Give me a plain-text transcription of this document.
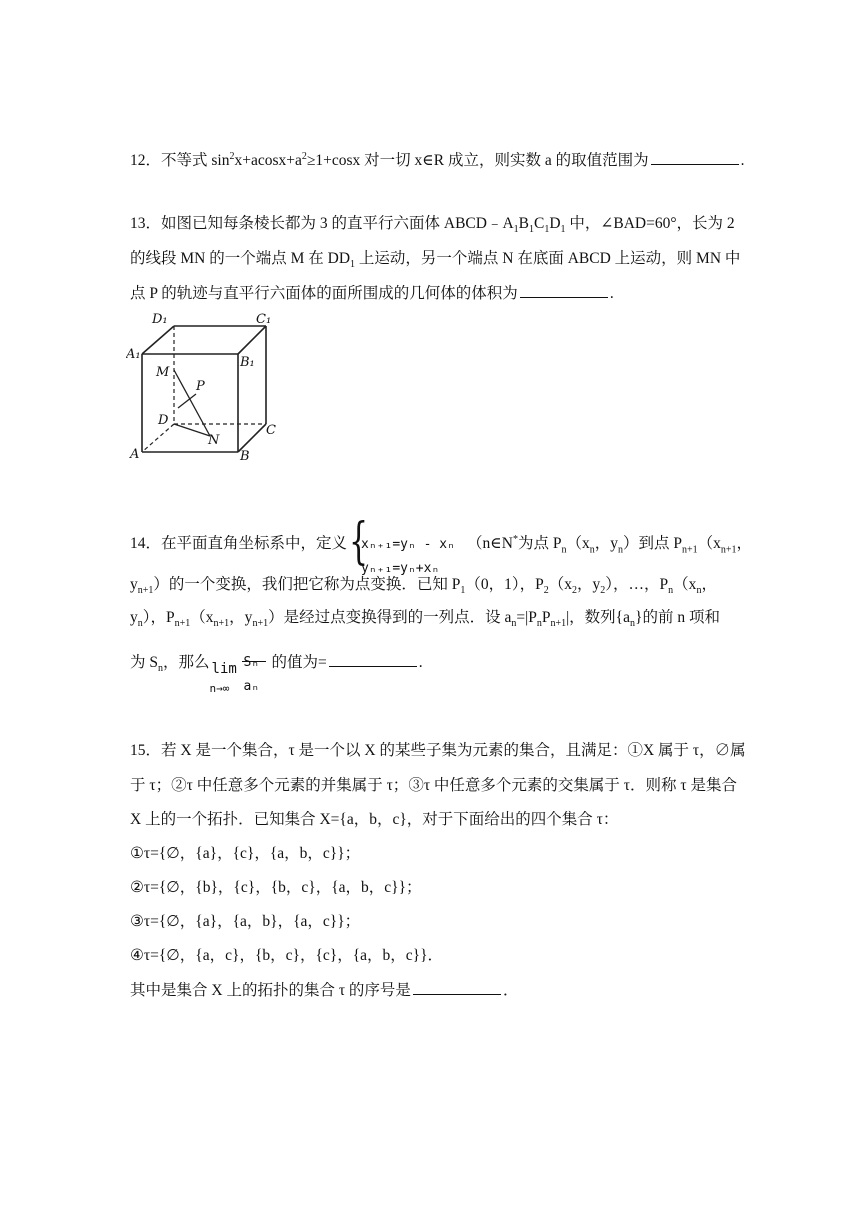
12．不等式 $\sin^2x+acosx+a^2\ge 1+\cos x$ 对一切 x∈R 成立，则实数 a 的取值范围为	.
13．如图已知每条棱长都为 3 的直平行六面体 $ABCD﹣A_1B_1C_1D_1$ 中，∠BAD=60°，长为 2
的线段 MN 的一个端点 M 在 $DD_1$ 上运动，另一个端点 N 在底面 ABCD 上运动，则 MN 中
点 P 的轨迹与直平行六面体的面所围成的几何体的体积为	.
D₁	C₁
A₁
B₁
M
P
D
N
C
A	B
14．在平面直角坐标系中，定义 {
xₙ₊₁=yₙ - xₙ
yₙ₊₁=yₙ+xₙ
（n∈N*为点 $P_n(x_n$，$y_n$）到点 $P_{n+1}(x_{n+1}$，
$y_{n+1}$）的一个变换，我们把它称为点变换．已知 $P_1(0$，1），$P_2(x_2$，$y_2$），…，$P_n(x_n$，
$y_n$），$P_{n+1}(x_{n+1}$，$y_{n+1}$）是经过点变换得到的一列点．设 $a_n=|P_nP_{n+1}|$，数列$\{a_n\}$的前 n 项和
为 $S_n$，那么 lim
n→∞
Sₙ
aₙ
的值为=	.
15．若 X 是一个集合，τ 是一个以 X 的某些子集为元素的集合，且满足：①X 属于 τ，∅属
于 τ；②τ 中任意多个元素的并集属于 τ；③τ 中任意多个元素的交集属于 τ．则称 τ 是集合
X 上的一个拓扑．已知集合 X={a，b，c}，对于下面给出的四个集合 τ：
①τ={∅，{a}，{c}，{a，b，c}}；
②τ={∅，{b}，{c}，{b，c}，{a，b，c}}；
③τ={∅，{a}，{a，b}，{a，c}}；
④τ={∅，{a，c}，{b，c}，{c}，{a，b，c}}．
其中是集合 X 上的拓扑的集合 τ 的序号是	．
